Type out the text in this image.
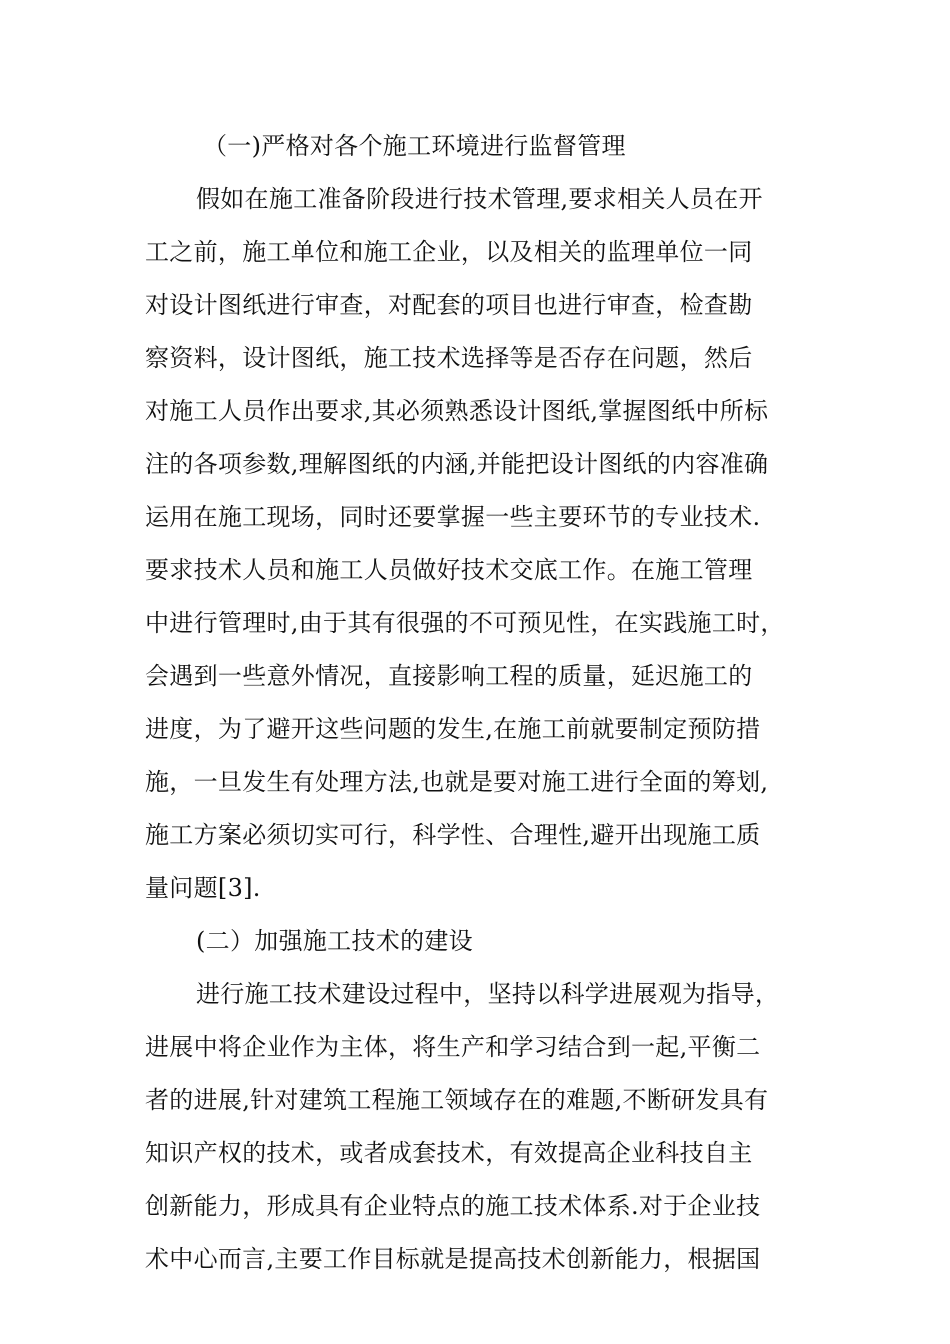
（一)严格对各个施工环境进行监督管理
假如在施工准备阶段进行技术管理,要求相关人员在开
工之前，施工单位和施工企业，以及相关的监理单位一同
对设计图纸进行审查，对配套的项目也进行审查，检查勘
察资料，设计图纸，施工技术选择等是否存在问题，然后
对施工人员作出要求,其必须熟悉设计图纸,掌握图纸中所标
注的各项参数,理解图纸的内涵,并能把设计图纸的内容准确
运用在施工现场，同时还要掌握一些主要环节的专业技术.
要求技术人员和施工人员做好技术交底工作。在施工管理
中进行管理时,由于其有很强的不可预见性，在实践施工时，
会遇到一些意外情况，直接影响工程的质量，延迟施工的
进度，为了避开这些问题的发生,在施工前就要制定预防措
施，一旦发生有处理方法,也就是要对施工进行全面的筹划,
施工方案必须切实可行，科学性、合理性,避开出现施工质
量问题[3].
(二）加强施工技术的建设
进行施工技术建设过程中，坚持以科学进展观为指导，
进展中将企业作为主体，将生产和学习结合到一起,平衡二
者的进展,针对建筑工程施工领域存在的难题,不断研发具有
知识产权的技术，或者成套技术，有效提高企业科技自主
创新能力，形成具有企业特点的施工技术体系.对于企业技
术中心而言,主要工作目标就是提高技术创新能力，根据国
